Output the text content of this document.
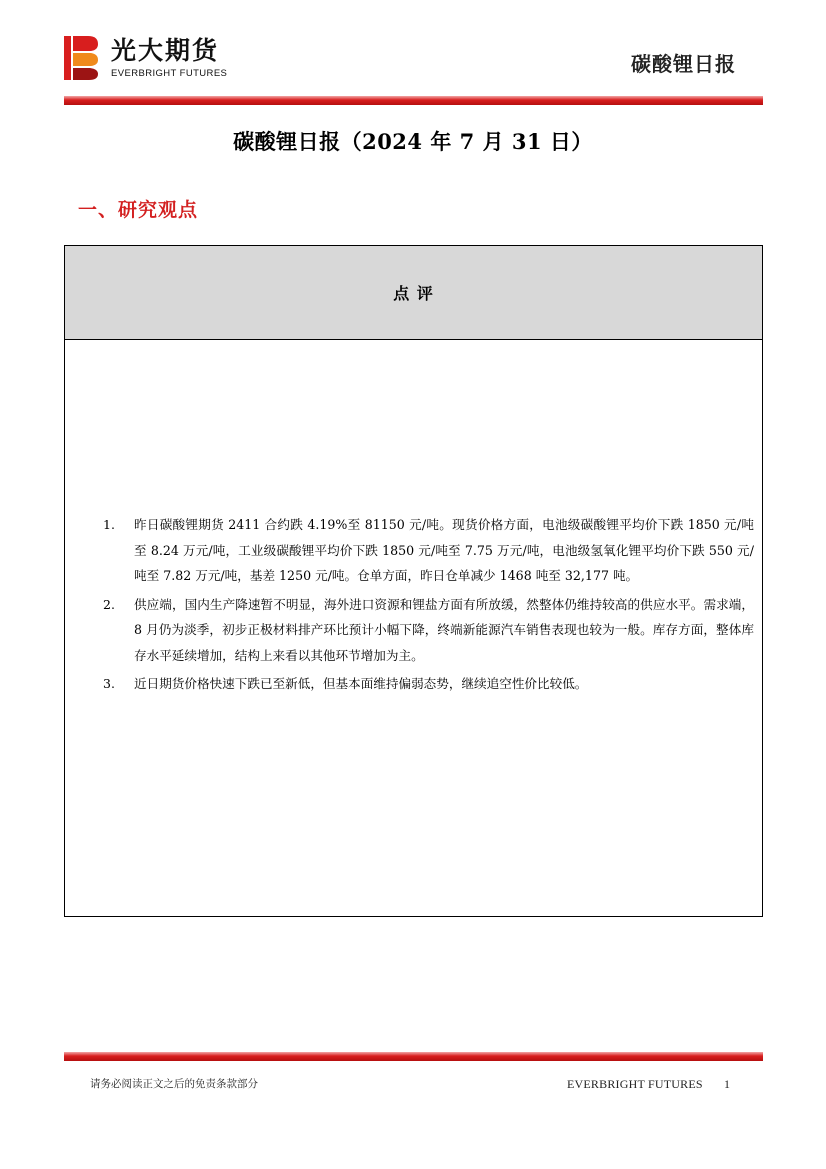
光大期货
EVERBRIGHT FUTURES	碳酸锂日报
碳酸锂日报（2024 年 7 月 31 日）
一、研究观点
点 评
1. 昨日碳酸锂期货 2411 合约跌 4.19%至 81150 元/吨。现货价格方面，电池级碳酸锂平均价下跌 1850 元/吨至 8.24 万元/吨，工业级碳酸锂平均价下跌 1850 元/吨至 7.75 万元/吨，电池级氢氧化锂平均价下跌 550 元/吨至 7.82 万元/吨，基差 1250 元/吨。仓单方面，昨日仓单减少 1468 吨至 32,177 吨。
2. 供应端，国内生产降速暂不明显，海外进口资源和锂盐方面有所放缓，然整体仍维持较高的供应水平。需求端，8 月仍为淡季，初步正极材料排产环比预计小幅下降，终端新能源汽车销售表现也较为一般。库存方面，整体库存水平延续增加，结构上来看以其他环节增加为主。
3. 近日期货价格快速下跌已至新低，但基本面维持偏弱态势，继续追空性价比较低。
请务必阅读正文之后的免责条款部分	EVERBRIGHT FUTURES 1
